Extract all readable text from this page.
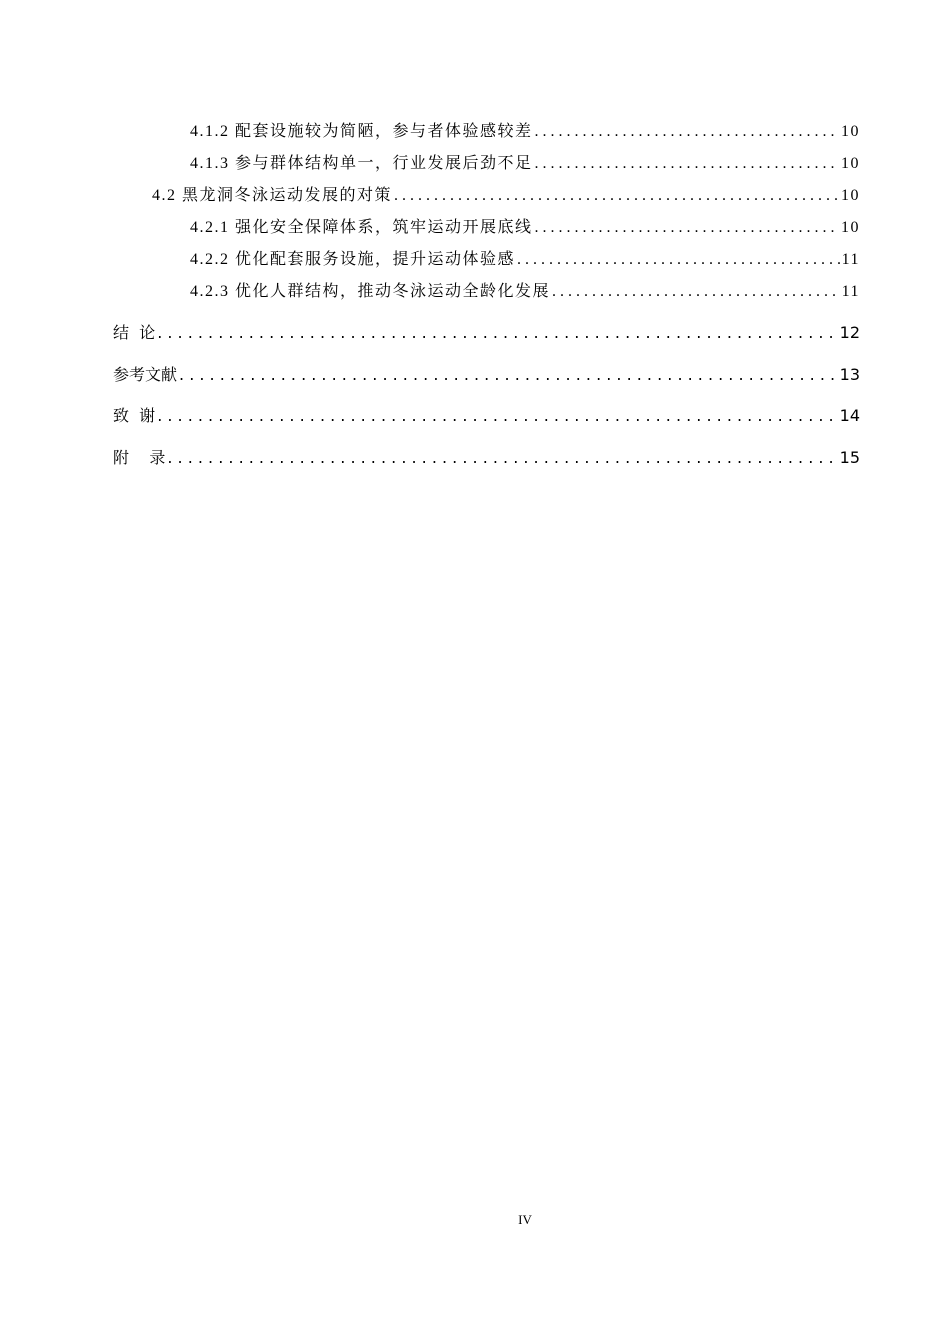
4.1.2 配套设施较为简陋，参与者体验感较差 . . .	10
4.1.3 参与群体结构单一，行业发展后劲不足 . . .	10
4.2 黑龙洞冬泳运动发展的对策 . . .	10
4.2.1 强化安全保障体系，筑牢运动开展底线 . . .	10
4.2.2 优化配套服务设施，提升运动体验感 . . .	11
4.2.3 优化人群结构，推动冬泳运动全龄化发展 . . .	11
结  论 . . .	12
参考文献 . . .	13
致  谢 . . .	14
附    录 . . .	15
IV
